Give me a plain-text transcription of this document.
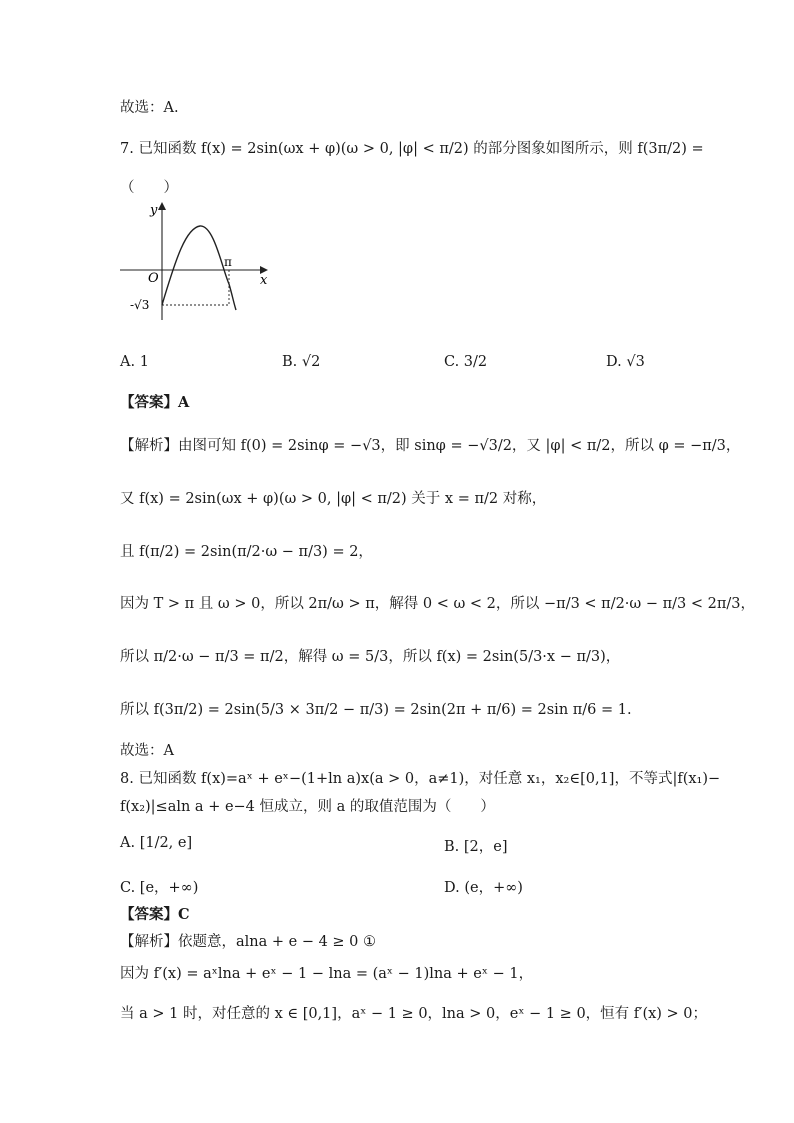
故选：A.
7. 已知函数 f(x) = 2sin(ωx + φ)(ω > 0, |φ| < π/2) 的部分图象如图所示，则 f(3π/2) =
（　　）
y
x
O
π
-√3
A. 1	B. √2	C. 3/2	D. √3
【答案】A
【解析】由图可知 f(0) = 2sinφ = −√3，即 sinφ = −√3/2，又 |φ| < π/2，所以 φ = −π/3，
又 f(x) = 2sin(ωx + φ)(ω > 0, |φ| < π/2) 关于 x = π/2 对称，
且 f(π/2) = 2sin(π/2·ω − π/3) = 2，
因为 T > π 且 ω > 0，所以 2π/ω > π，解得 0 < ω < 2，所以 −π/3 < π/2·ω − π/3 < 2π/3，
所以 π/2·ω − π/3 = π/2，解得 ω = 5/3，所以 f(x) = 2sin(5/3·x − π/3)，
所以 f(3π/2) = 2sin(5/3 × 3π/2 − π/3) = 2sin(2π + π/6) = 2sin π/6 = 1.
故选：A
8. 已知函数 f(x)=aˣ + eˣ−(1+ln a)x(a > 0，a≠1)，对任意 x₁，x₂∈[0,1]，不等式|f(x₁)−
f(x₂)|≤aln a + e−4 恒成立，则 a 的取值范围为（　　）
A. [1/2, e]	B. [2，e]
C. [e，+∞)	D. (e，+∞)
【答案】C
【解析】依题意，alna + e − 4 ≥ 0 ①
因为 f′(x) = aˣlna + eˣ − 1 − lna = (aˣ − 1)lna + eˣ − 1，
当 a > 1 时，对任意的 x ∈ [0,1]，aˣ − 1 ≥ 0，lna > 0，eˣ − 1 ≥ 0，恒有 f′(x) > 0；
